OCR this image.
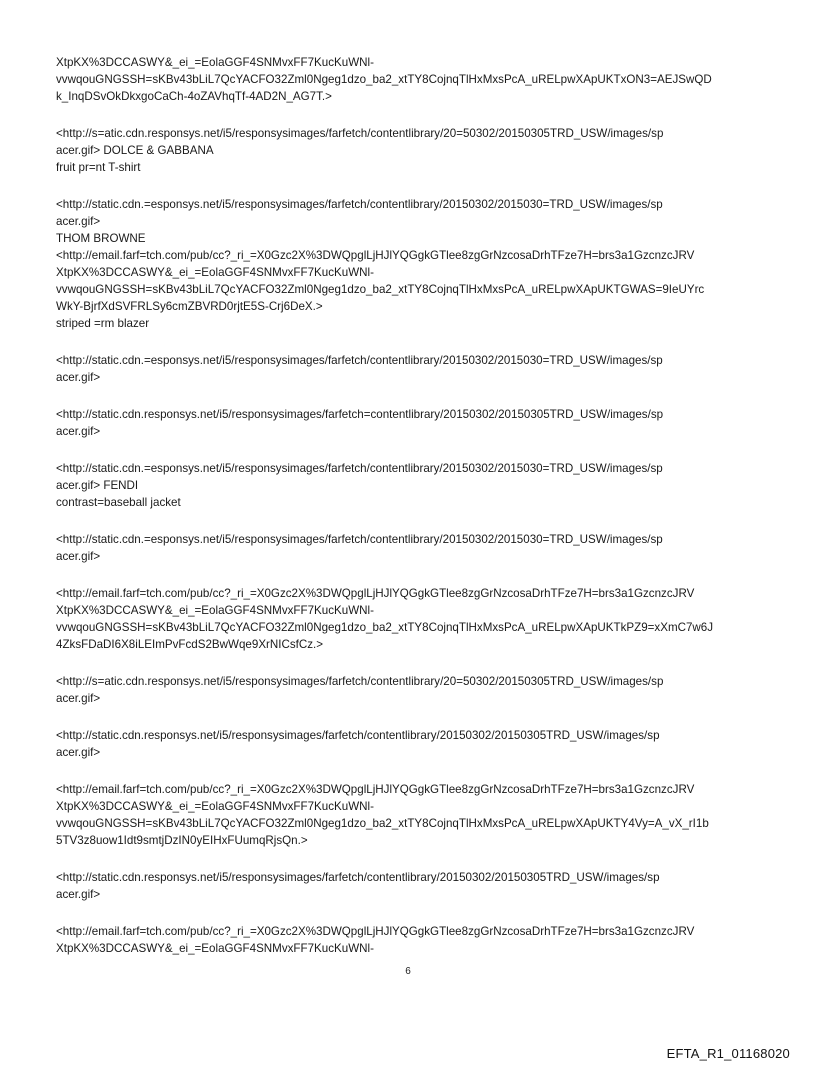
XtpKX%3DCCASWY&_ei_=EolaGGF4SNMvxFF7KucKuWNl-
vvwqouGNGSSH=sKBv43bLiL7QcYACFO32Zml0Ngeg1dzo_ba2_xtTY8CojnqTlHxMxsPcA_uRELpwXApUKTxON3=AEJSwQD
k_InqDSvOkDkxgoCaCh-4oZAVhqTf-4AD2N_AG7T.>
<http://s=atic.cdn.responsys.net/i5/responsysimages/farfetch/contentlibrary/20=50302/20150305TRD_USW/images/sp
acer.gif> DOLCE & GABBANA
fruit pr=nt T-shirt
<http://static.cdn.=esponsys.net/i5/responsysimages/farfetch/contentlibrary/20150302/2015030=TRD_USW/images/sp
acer.gif>
THOM BROWNE
<http://email.farf=tch.com/pub/cc?_ri_=X0Gzc2X%3DWQpglLjHJlYQGgkGTlee8zgGrNzcosaDrhTFze7H=brs3a1GzcnzcJRV
XtpKX%3DCCASWY&_ei_=EolaGGF4SNMvxFF7KucKuWNl-
vvwqouGNGSSH=sKBv43bLiL7QcYACFO32Zml0Ngeg1dzo_ba2_xtTY8CojnqTlHxMxsPcA_uRELpwXApUKTGWAS=9IeUYrc
WkY-BjrfXdSVFRLSy6cmZBVRD0rjtE5S-Crj6DeX.>
striped =rm blazer
<http://static.cdn.=esponsys.net/i5/responsysimages/farfetch/contentlibrary/20150302/2015030=TRD_USW/images/sp
acer.gif>
<http://static.cdn.responsys.net/i5/responsysimages/farfetch=contentlibrary/20150302/20150305TRD_USW/images/sp
acer.gif>
<http://static.cdn.=esponsys.net/i5/responsysimages/farfetch/contentlibrary/20150302/2015030=TRD_USW/images/sp
acer.gif> FENDI
contrast=baseball jacket
<http://static.cdn.=esponsys.net/i5/responsysimages/farfetch/contentlibrary/20150302/2015030=TRD_USW/images/sp
acer.gif>
<http://email.farf=tch.com/pub/cc?_ri_=X0Gzc2X%3DWQpglLjHJlYQGgkGTlee8zgGrNzcosaDrhTFze7H=brs3a1GzcnzcJRV
XtpKX%3DCCASWY&_ei_=EolaGGF4SNMvxFF7KucKuWNl-
vvwqouGNGSSH=sKBv43bLiL7QcYACFO32Zml0Ngeg1dzo_ba2_xtTY8CojnqTlHxMxsPcA_uRELpwXApUKTkPZ9=xXmC7w6J
4ZksFDaDI6X8iLEImPvFcdS2BwWqe9XrNICsfCz.>
<http://s=atic.cdn.responsys.net/i5/responsysimages/farfetch/contentlibrary/20=50302/20150305TRD_USW/images/sp
acer.gif>
<http://static.cdn.responsys.net/i5/responsysimages/farfetch/contentlibrary/20150302/20150305TRD_USW/images/sp
acer.gif>
<http://email.farf=tch.com/pub/cc?_ri_=X0Gzc2X%3DWQpglLjHJlYQGgkGTlee8zgGrNzcosaDrhTFze7H=brs3a1GzcnzcJRV
XtpKX%3DCCASWY&_ei_=EolaGGF4SNMvxFF7KucKuWNl-
vvwqouGNGSSH=sKBv43bLiL7QcYACFO32Zml0Ngeg1dzo_ba2_xtTY8CojnqTlHxMxsPcA_uRELpwXApUKTY4Vy=A_vX_rI1b
5TV3z8uow1Idt9smtjDzIN0yEIHxFUumqRjsQn.>
<http://static.cdn.responsys.net/i5/responsysimages/farfetch/contentlibrary/20150302/20150305TRD_USW/images/sp
acer.gif>
<http://email.farf=tch.com/pub/cc?_ri_=X0Gzc2X%3DWQpglLjHJlYQGgkGTlee8zgGrNzcosaDrhTFze7H=brs3a1GzcnzcJRV
XtpKX%3DCCASWY&_ei_=EolaGGF4SNMvxFF7KucKuWNl-
6
EFTA_R1_01168020
